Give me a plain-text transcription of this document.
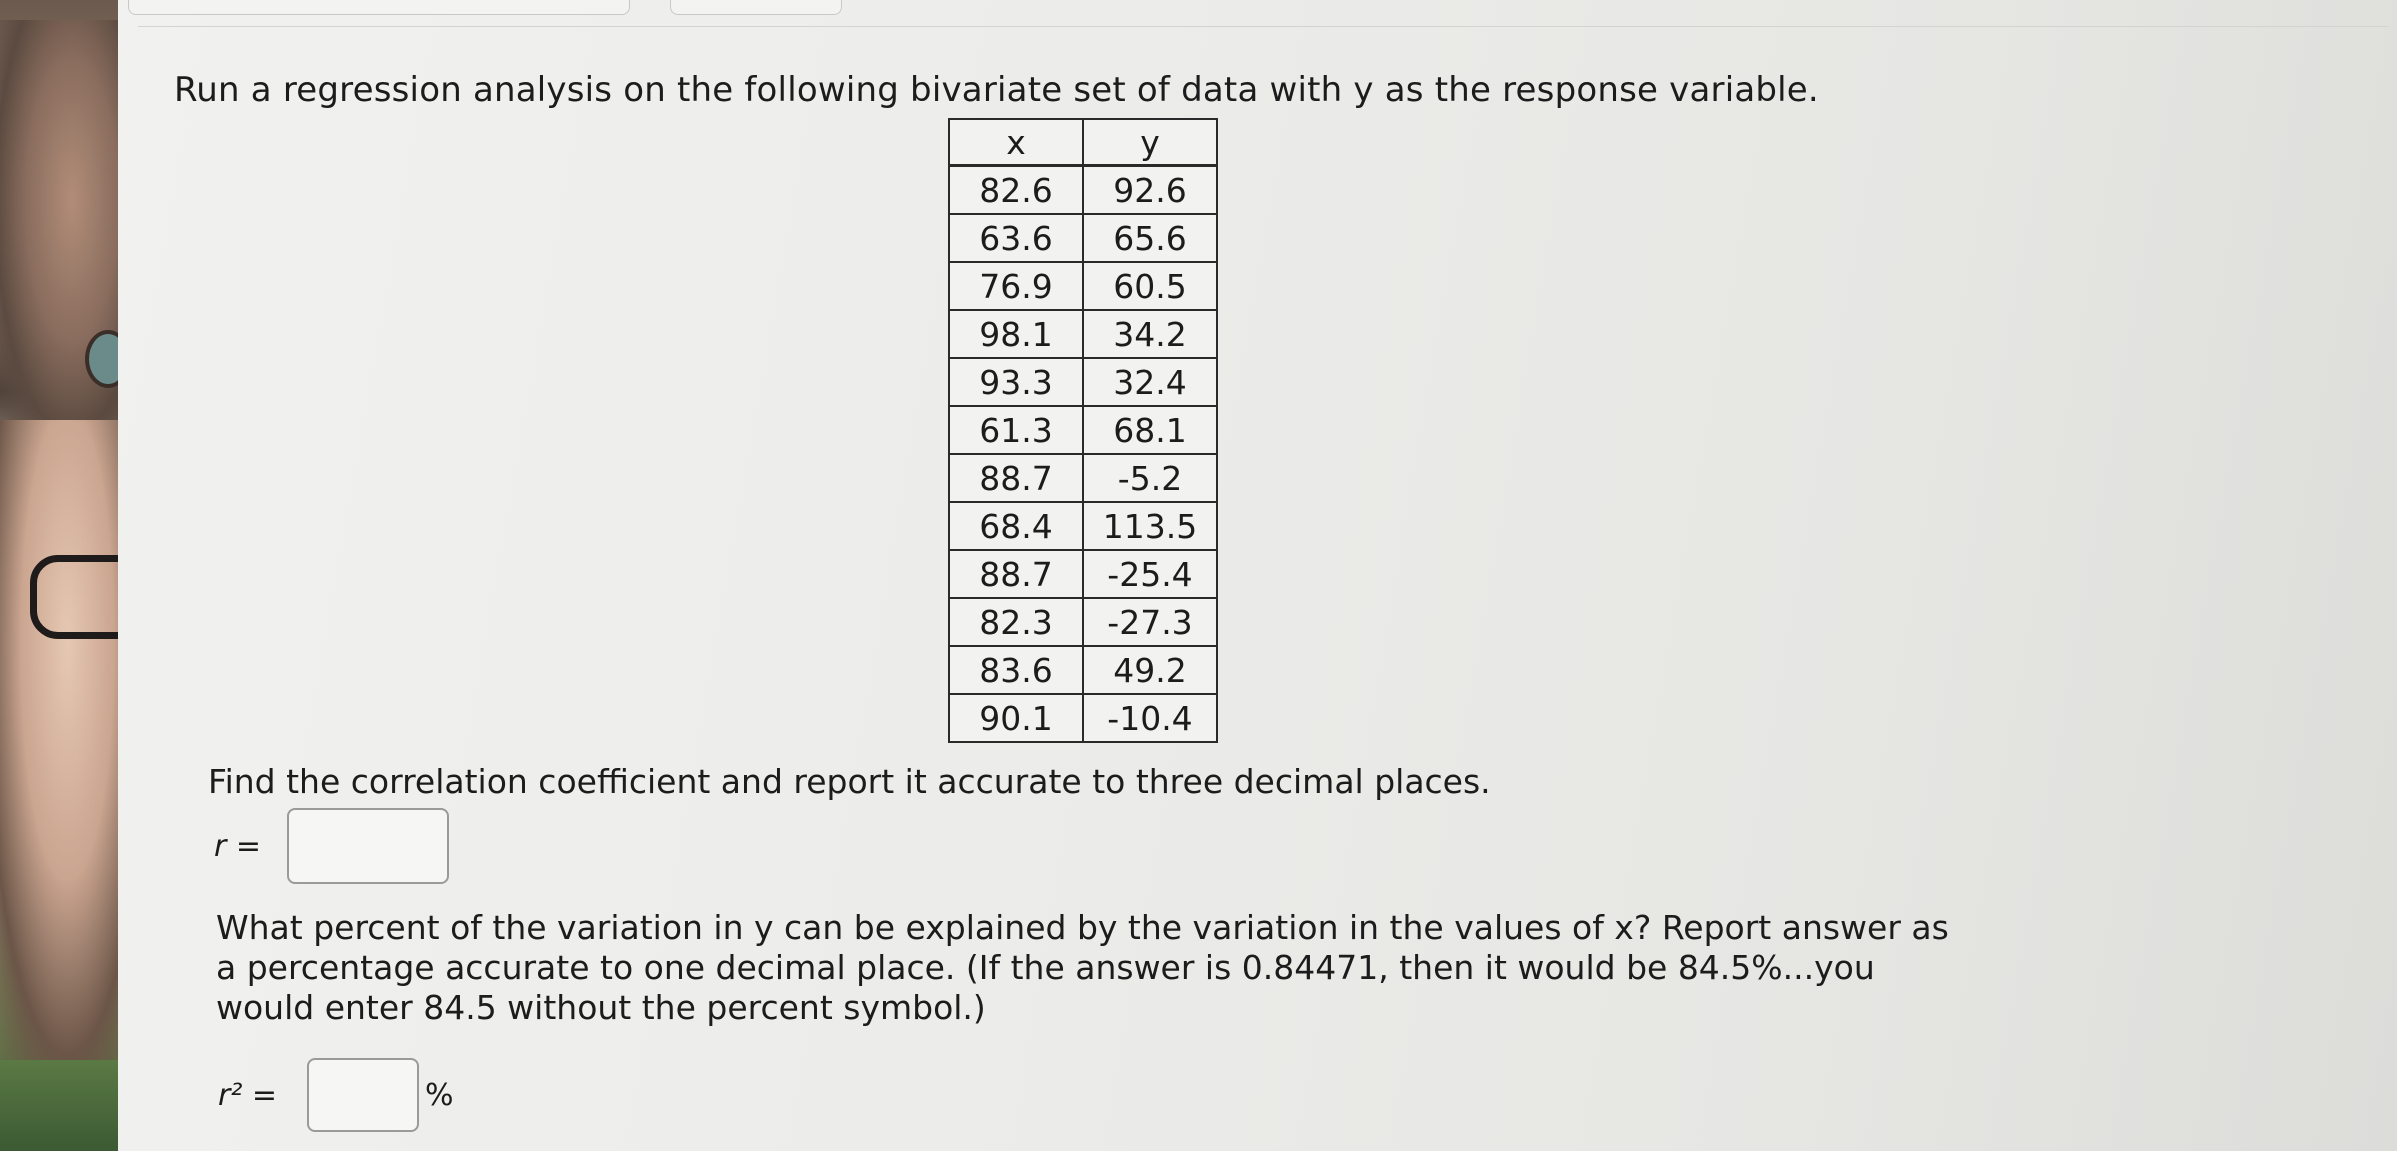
Run a regression analysis on the following bivariate set of data with y as the response variable.
x	y
82.6	92.6
63.6	65.6
76.9	60.5
98.1	34.2
93.3	32.4
61.3	68.1
88.7	-5.2
68.4	113.5
88.7	-25.4
82.3	-27.3
83.6	49.2
90.1	-10.4
Find the correlation coefficient and report it accurate to three decimal places.
r =
What percent of the variation in y can be explained by the variation in the values of x? Report answer as a percentage accurate to one decimal place. (If the answer is 0.84471, then it would be 84.5%...you would enter 84.5 without the percent symbol.)
r² =	%
